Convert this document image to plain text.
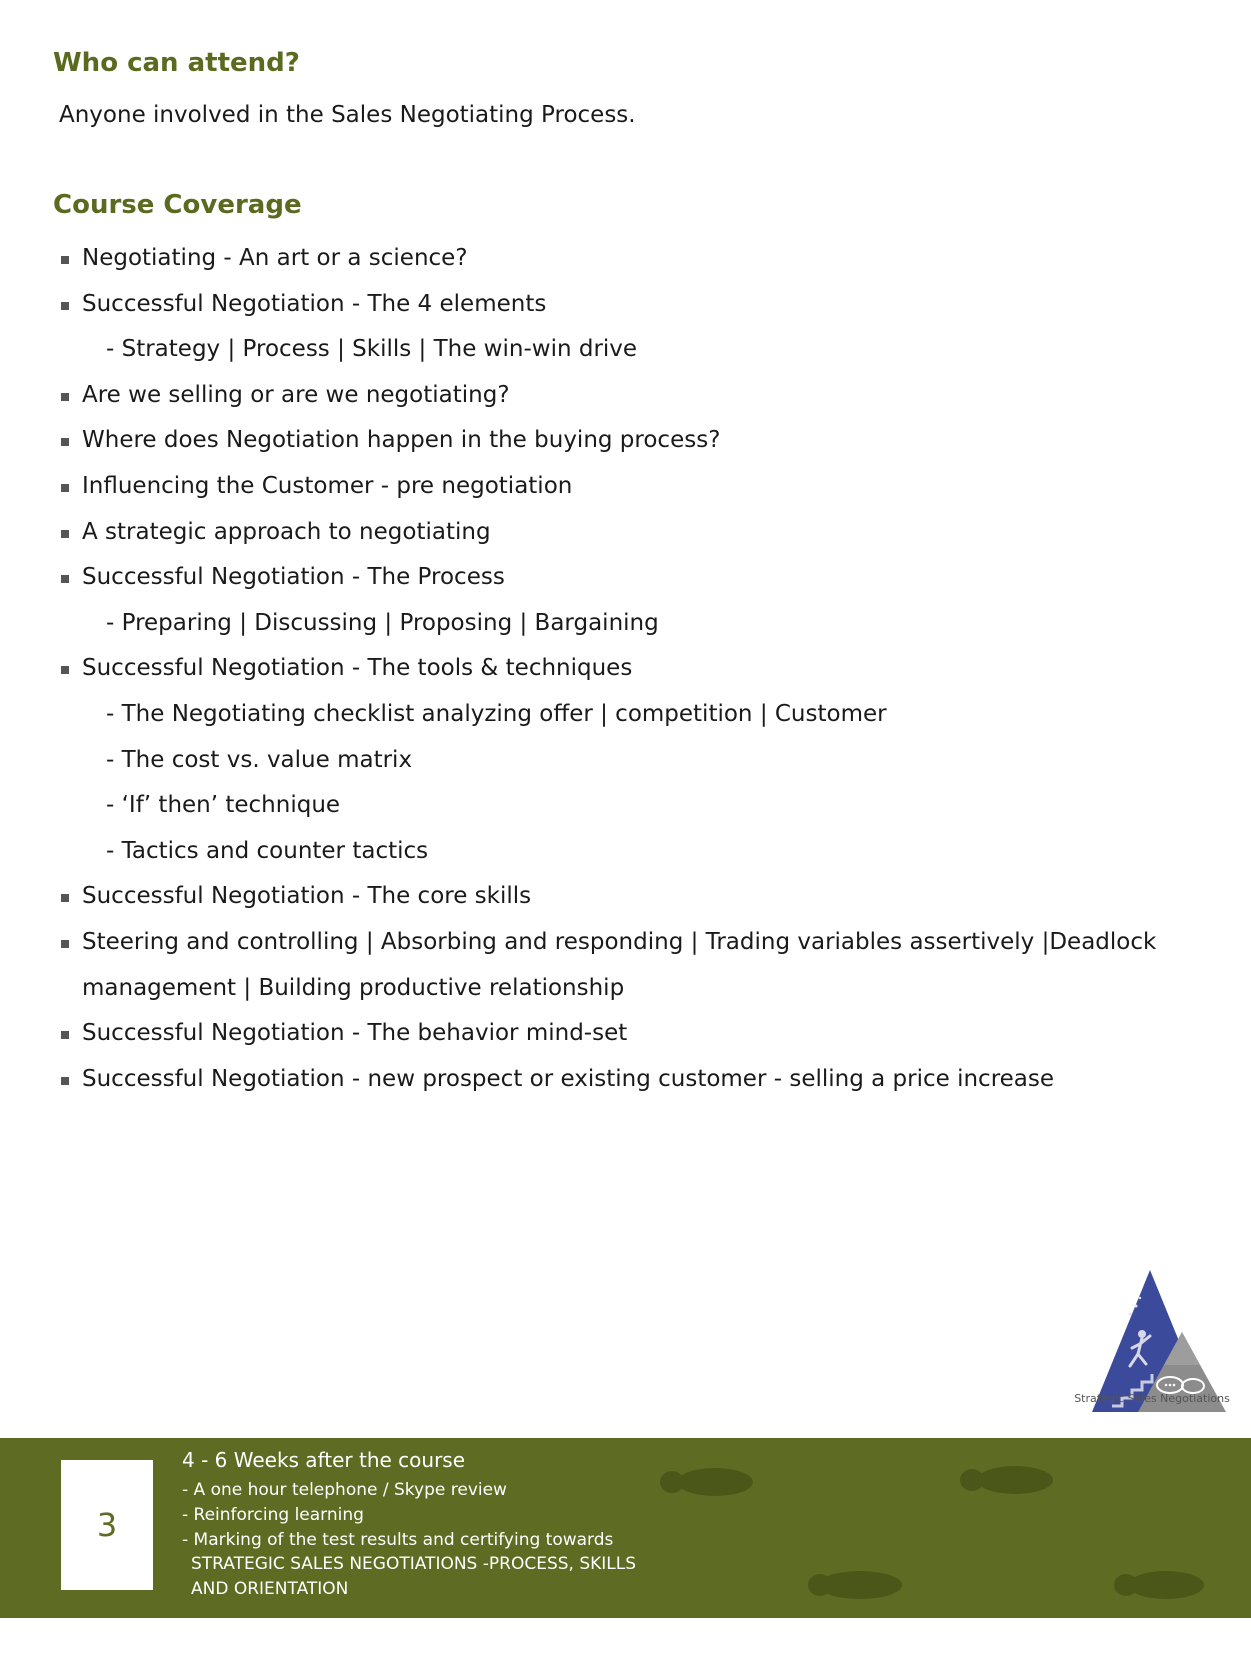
Who can attend?

Anyone involved in the Sales Negotiating Process.

Course Coverage

Negotiating - An art or a science?

Successful Negotiation - The 4 elements

- Strategy | Process | Skills | The win-win drive

Are we selling or are we negotiating?

Where does Negotiation happen in the buying process?

Influencing the Customer - pre negotiation

A strategic approach to negotiating

Successful Negotiation - The Process

- Preparing | Discussing | Proposing | Bargaining

Successful Negotiation - The tools & techniques

- The Negotiating checklist analyzing offer | competition | Customer

- The cost vs. value matrix

- ‘If’ then’ technique

- Tactics and counter tactics

Successful Negotiation - The core skills

Steering and controlling | Absorbing and responding | Trading variables assertively |Deadlock

management | Building productive relationship

Successful Negotiation - The behavior mind-set

Successful Negotiation - new prospect or existing customer - selling a price increase

Strategic Sales Negotiations
3

4 - 6 Weeks after the course

- A one hour telephone / Skype review

- Reinforcing learning

- Marking of the test results and certifying towards

STRATEGIC SALES NEGOTIATIONS -PROCESS, SKILLS

AND ORIENTATION
